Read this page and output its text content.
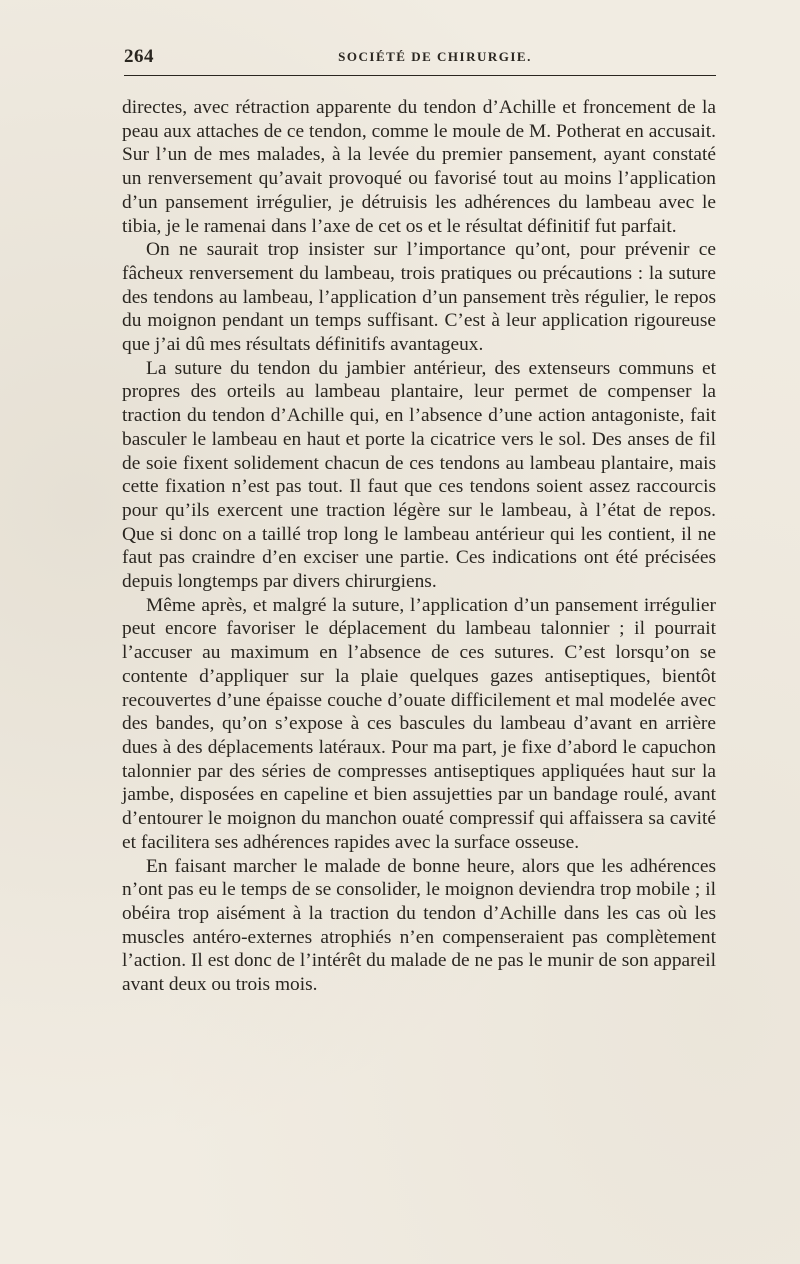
264	SOCIÉTÉ DE CHIRURGIE.

directes, avec rétraction apparente du tendon d’Achille et froncement de la peau aux attaches de ce tendon, comme le moule de M. Potherat en accusait. Sur l’un de mes malades, à la levée du premier pansement, ayant constaté un renversement qu’avait provoqué ou favorisé tout au moins l’application d’un pansement irrégulier, je détruisis les adhérences du lambeau avec le tibia, je le ramenai dans l’axe de cet os et le résultat définitif fut parfait.

On ne saurait trop insister sur l’importance qu’ont, pour prévenir ce fâcheux renversement du lambeau, trois pratiques ou précautions : la suture des tendons au lambeau, l’application d’un pansement très régulier, le repos du moignon pendant un temps suffisant. C’est à leur application rigoureuse que j’ai dû mes résultats définitifs avantageux.

La suture du tendon du jambier antérieur, des extenseurs communs et propres des orteils au lambeau plantaire, leur permet de compenser la traction du tendon d’Achille qui, en l’absence d’une action antagoniste, fait basculer le lambeau en haut et porte la cicatrice vers le sol. Des anses de fil de soie fixent solidement chacun de ces tendons au lambeau plantaire, mais cette fixation n’est pas tout. Il faut que ces tendons soient assez raccourcis pour qu’ils exercent une traction légère sur le lambeau, à l’état de repos. Que si donc on a taillé trop long le lambeau antérieur qui les contient, il ne faut pas craindre d’en exciser une partie. Ces indications ont été précisées depuis longtemps par divers chirurgiens.

Même après, et malgré la suture, l’application d’un pansement irrégulier peut encore favoriser le déplacement du lambeau talonnier ; il pourrait l’accuser au maximum en l’absence de ces sutures. C’est lorsqu’on se contente d’appliquer sur la plaie quelques gazes antiseptiques, bientôt recouvertes d’une épaisse couche d’ouate difficilement et mal modelée avec des bandes, qu’on s’expose à ces bascules du lambeau d’avant en arrière dues à des déplacements latéraux. Pour ma part, je fixe d’abord le capuchon talonnier par des séries de compresses antiseptiques appliquées haut sur la jambe, disposées en capeline et bien assujetties par un bandage roulé, avant d’entourer le moignon du manchon ouaté compressif qui affaissera sa cavité et facilitera ses adhérences rapides avec la surface osseuse.

En faisant marcher le malade de bonne heure, alors que les adhérences n’ont pas eu le temps de se consolider, le moignon deviendra trop mobile ; il obéira trop aisément à la traction du tendon d’Achille dans les cas où les muscles antéro-externes atrophiés n’en compenseraient pas complètement l’action. Il est donc de l’intérêt du malade de ne pas le munir de son appareil avant deux ou trois mois.
